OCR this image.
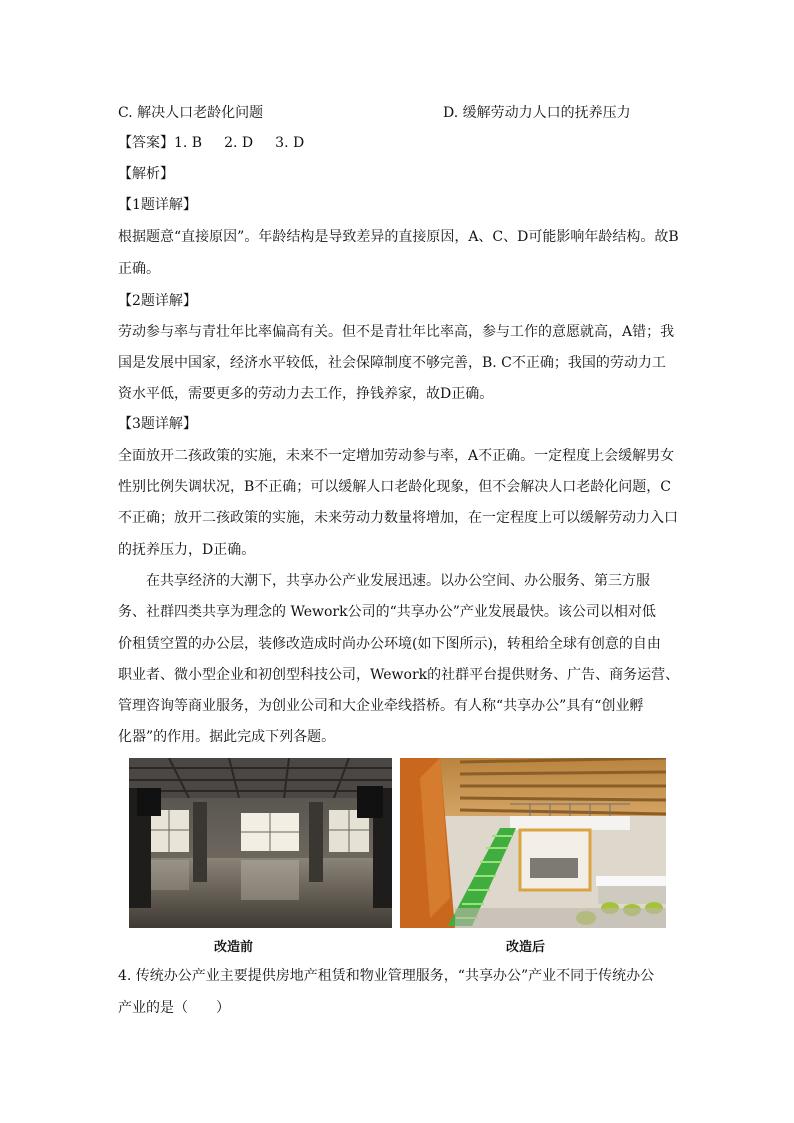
C. 解决人口老龄化问题	D. 缓解劳动力人口的抚养压力
【答案】1. B 2. D 3. D
【解析】
【1题详解】
根据题意“直接原因”。年龄结构是导致差异的直接原因，A、C、D可能影响年龄结构。故B
正确。
【2题详解】
劳动参与率与青壮年比率偏高有关。但不是青壮年比率高，参与工作的意愿就高，A错；我
国是发展中国家，经济水平较低，社会保障制度不够完善，B. C不正确；我国的劳动力工
资水平低，需要更多的劳动力去工作，挣钱养家，故D正确。
【3题详解】
全面放开二孩政策的实施，未来不一定增加劳动参与率，A不正确。一定程度上会缓解男女
性别比例失调状况，B不正确；可以缓解人口老龄化现象，但不会解决人口老龄化问题，C
不正确；放开二孩政策的实施，未来劳动力数量将增加，在一定程度上可以缓解劳动力入口
的抚养压力，D正确。
在共享经济的大潮下，共享办公产业发展迅速。以办公空间、办公服务、第三方服
务、社群四类共享为理念的 Wework公司的“共享办公”产业发展最快。该公司以相对低
价租赁空置的办公层，装修改造成时尚办公环境(如下图所示)，转租给全球有创意的自由
职业者、微小型企业和初创型科技公司，Wework的社群平台提供财务、广告、商务运营、
管理咨询等商业服务，为创业公司和大企业牵线搭桥。有人称“共享办公”具有“创业孵
化器”的作用。据此完成下列各题。
改造前	改造后
4. 传统办公产业主要提供房地产租赁和物业管理服务，“共享办公”产业不同于传统办公
产业的是（　　）
